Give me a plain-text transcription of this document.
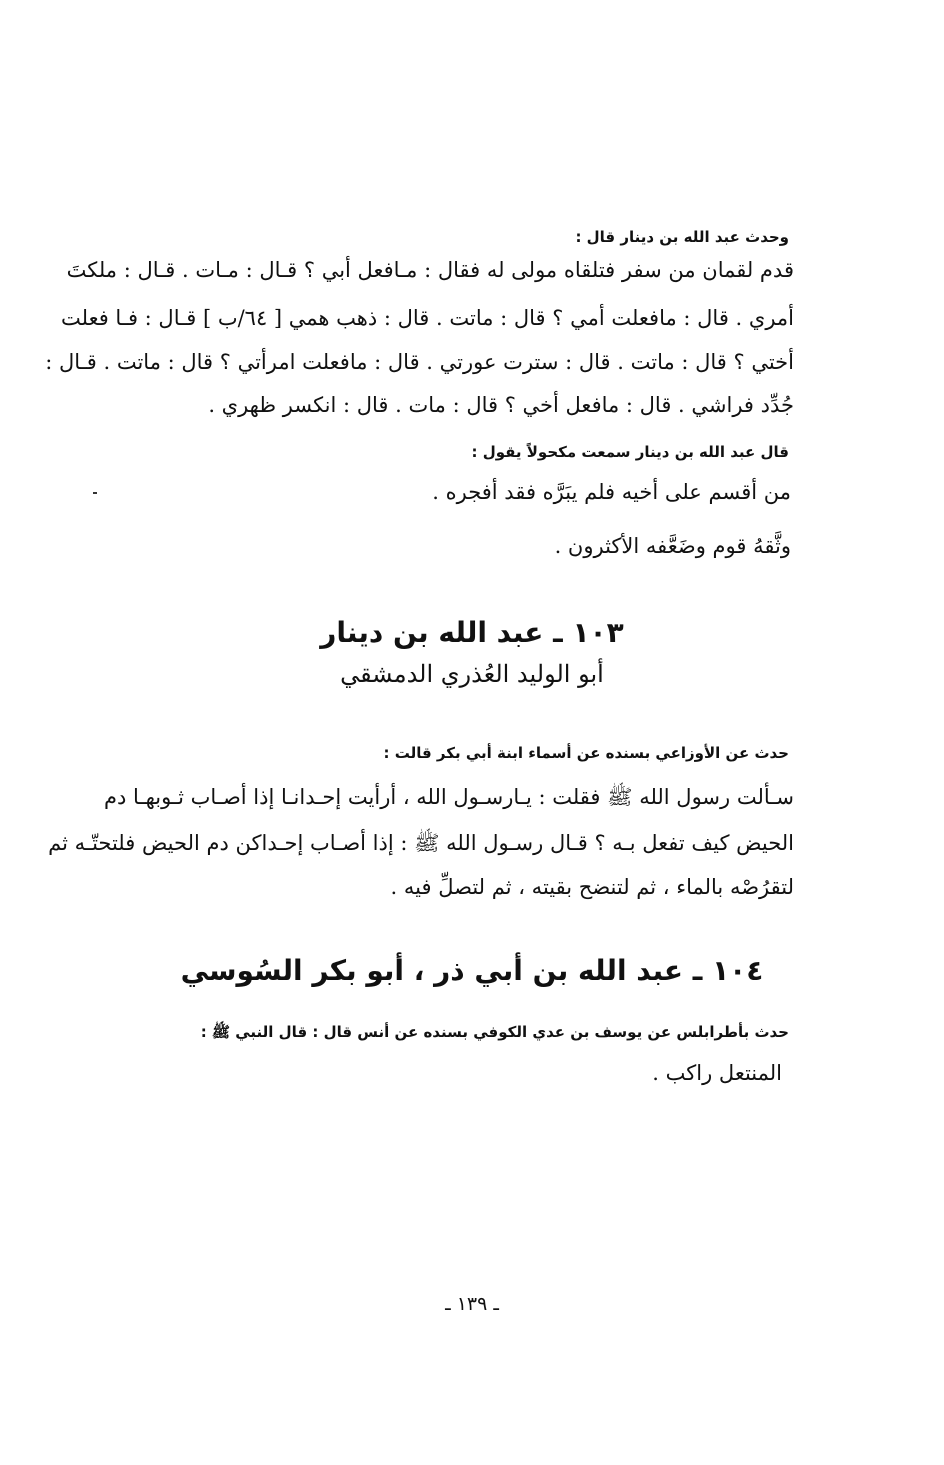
وحدث عبد الله بن دينار قال :
قدم لقمان من سفر فتلقاه مولى له فقال : مـافعل أبي ؟ قـال : مـات . قـال : ملكتَ
أمري . قال : مافعلت أمي ؟ قال : ماتت . قال : ذهب همي [ ٦٤/ب ] قـال : فـا فعلت
أختي ؟ قال : ماتت . قال : سترت عورتي . قال : مافعلت امرأتي ؟ قال : ماتت . قـال :
جُدِّد فراشي . قال : مافعل أخي ؟ قال : مات . قال : انكسر ظهري .
قال عبد الله بن دينار سمعت مكحولاً يقول :
من أقسم على أخيه فلم يبَرَّه فقد أفجره .
وثَّقهُ قوم وضَعَّفه الأكثرون .
١٠٣ ـ عبد الله بن دينار
أبو الوليد العُذري الدمشقي
حدث عن الأوزاعي بسنده عن أسماء ابنة أبي بكر قالت :
سـألت رسول الله ﷺ فقلت : يـارسـول الله ، أرأيت إحـدانـا إذا أصـاب ثـوبهـا دم
الحيض كيف تفعل بـه ؟ قـال رسـول الله ﷺ : إذا أصـاب إحـداكن دم الحيض فلتحتّـه ثم
لتقرُصْه بالماء ، ثم لتنضح بقيته ، ثم لتصلِّ فيه .
١٠٤ ـ عبد الله بن أبي ذر ، أبو بكر السُوسي
حدث بأطرابلس عن يوسف بن عدي الكوفي بسنده عن أنس قال : قال النبي ﷺ :
المنتعل راكب .
ـ ١٣٩ ـ
